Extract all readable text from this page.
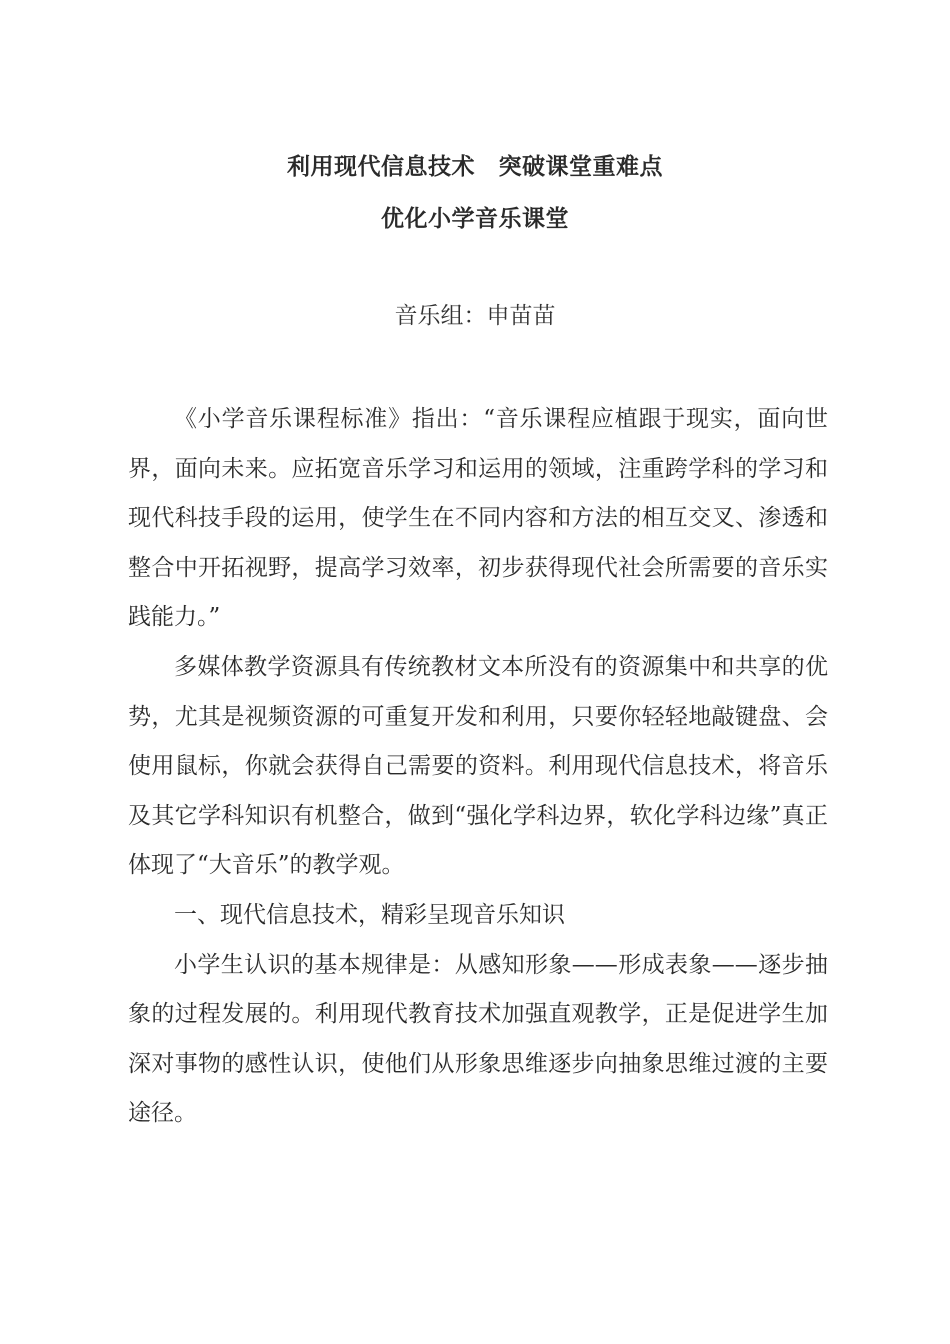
利用现代信息技术　突破课堂重难点
优化小学音乐课堂
音乐组：申苗苗

《小学音乐课程标准》指出：“音乐课程应植跟于现实，面向世界，面向未来。应拓宽音乐学习和运用的领域，注重跨学科的学习和现代科技手段的运用，使学生在不同内容和方法的相互交叉、渗透和整合中开拓视野，提高学习效率，初步获得现代社会所需要的音乐实践能力。”

多媒体教学资源具有传统教材文本所没有的资源集中和共享的优势，尤其是视频资源的可重复开发和利用，只要你轻轻地敲键盘、会使用鼠标，你就会获得自己需要的资料。利用现代信息技术，将音乐及其它学科知识有机整合，做到“强化学科边界，软化学科边缘”真正体现了“大音乐”的教学观。

一、现代信息技术，精彩呈现音乐知识

小学生认识的基本规律是：从感知形象——形成表象——逐步抽象的过程发展的。利用现代教育技术加强直观教学，正是促进学生加深对事物的感性认识，使他们从形象思维逐步向抽象思维过渡的主要途径。
